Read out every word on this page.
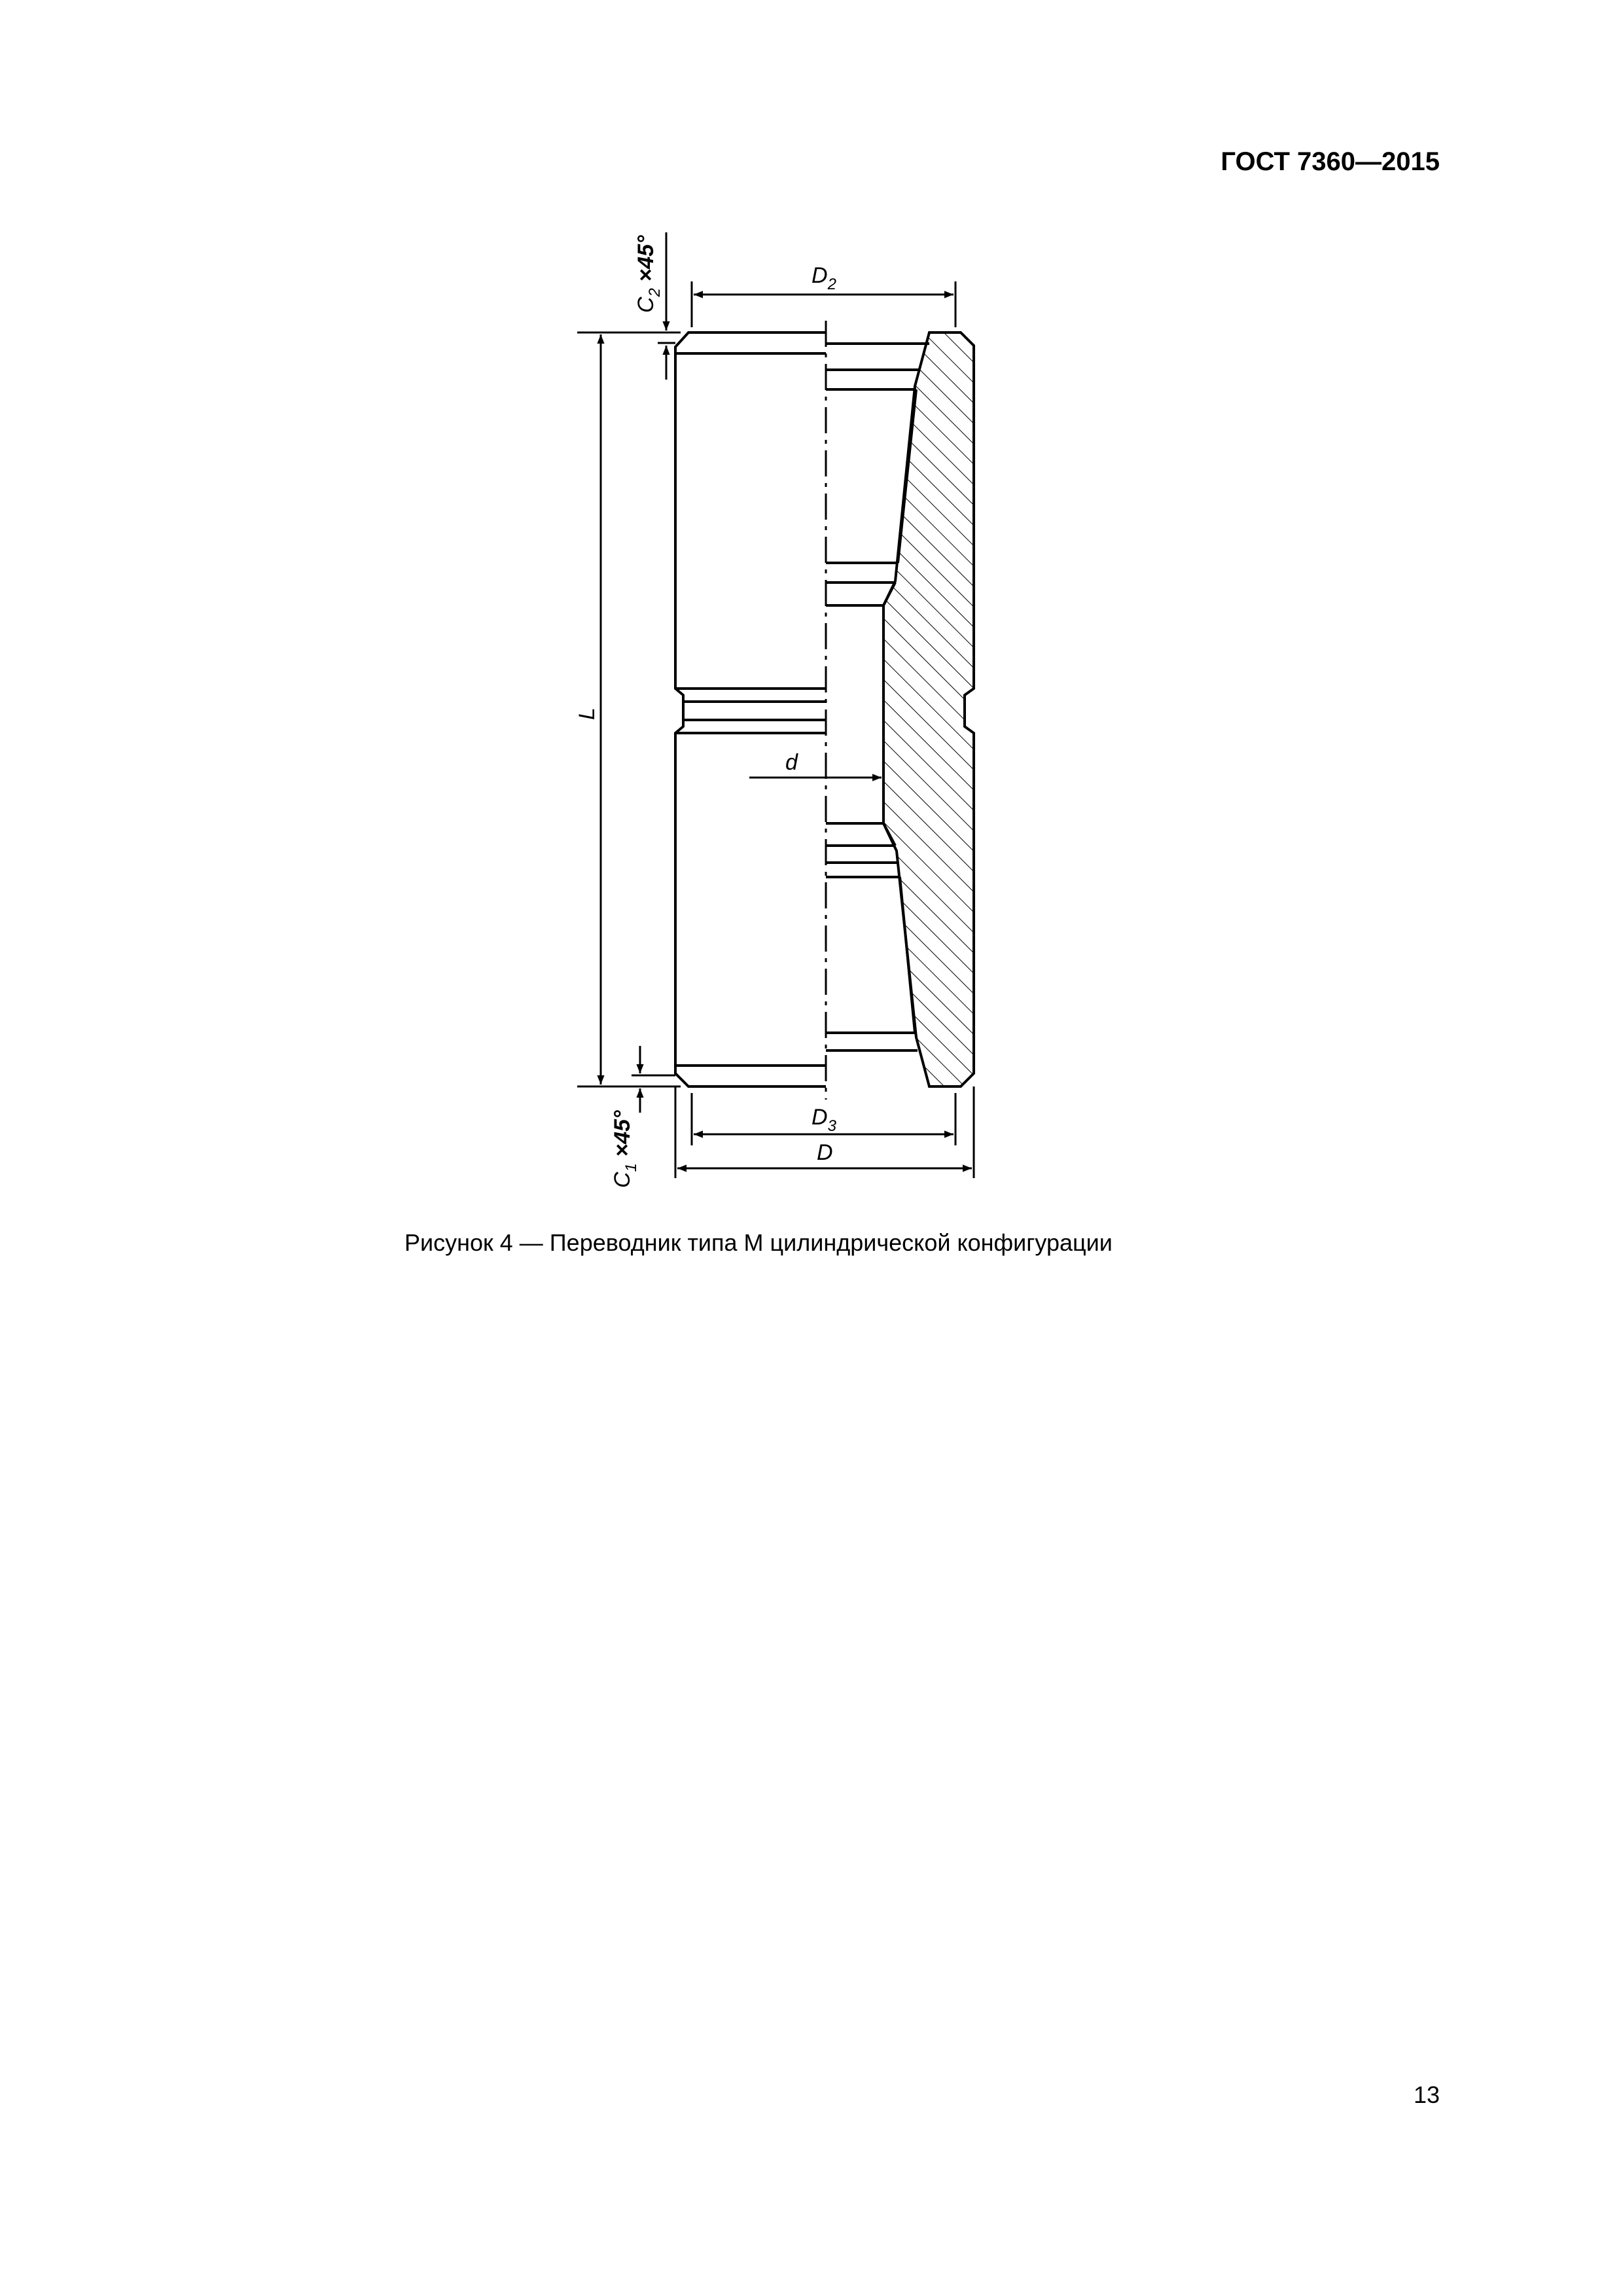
ГОСТ 7360—2015
$D_2$
$D_3$
D
d
L
$C_2 \times 45^\circ$
$C_1 \times 45^\circ$
Рисунок 4 — Переводник типа М цилиндрической конфигурации
13
